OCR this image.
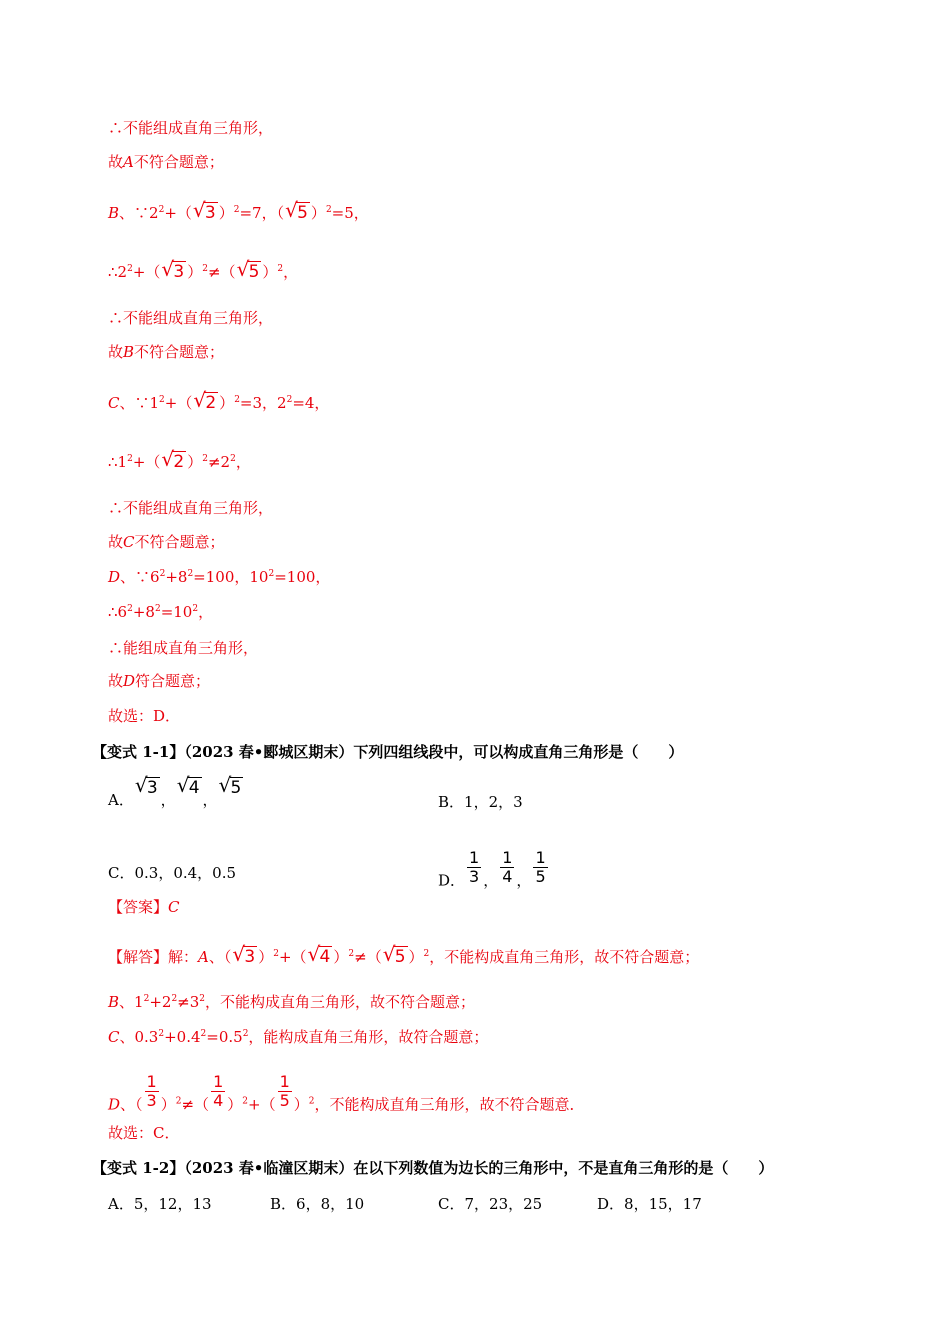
∴不能组成直角三角形，
故A不符合题意；
B、$\because 2^2+(√$ 3 ）$^2$=7，（√ 5 ）$^2$=5，
$\therefore 2^2+(√$ 3 ）$^2$≠（√ 5 ）$^2$，
∴不能组成直角三角形，
故B不符合题意；
C、$\because 1^2+(√$ 2 ）$^2$=3，$2^2=4$，
$\therefore 1^2+(√$ 2 ）$^2\ne 2^2$，
∴不能组成直角三角形，
故C不符合题意；
D、$\because 6^2+8^2=100$，$10^2=100$，
$\therefore 6^2+8^2=10^2$，
∴能组成直角三角形，
故D符合题意；
故选：D．
【变式 1-1】（2023 春•郾城区期末）下列四组线段中，可以构成直角三角形是（　　）
A．√ 3，√ 4，√ 5
B．1，2，3
C．0.3，0.4，0.5	D． $\frac{1}{3}$ ， $\frac{1}{4}$ ， $\frac{1}{5}$
【答案】C
【解答】解：A、（√ 3 ）$^2$+（√ 4 ）$^2$≠（√ 5 ）$^2$，不能构成直角三角形，故不符合题意；
B、$1^2+2^2\ne 3^2$，不能构成直角三角形，故不符合题意；
C、$0.3^2+0.4^2=0.5^2$，能构成直角三角形，故符合题意；
D、（ $\frac{1}{3} )^2\ne( \frac{1}{4} )^2+( \frac{1}{5} )^2$，不能构成直角三角形，故不符合题意．
故选：C．
【变式 1-2】（2023 春•临潼区期末）在以下列数值为边长的三角形中，不是直角三角形的是（　　）
A．5，12，13	B．6，8，10	C．7，23，25	D．8，15，17
